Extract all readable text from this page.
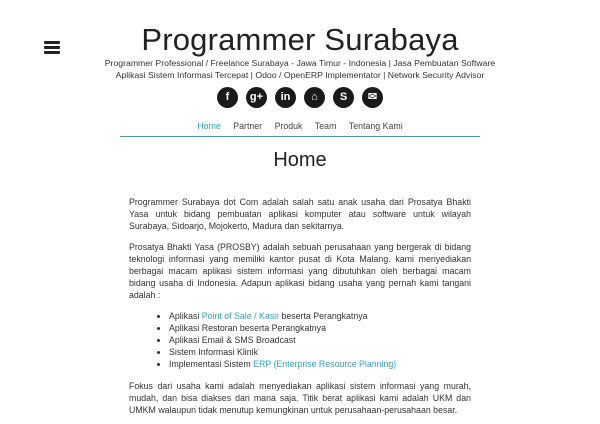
Programmer Surabaya
Programmer Professional / Freelance Surabaya - Jawa Timur - Indonesia | Jasa Pembuatan Software
Aplikasi Sistem Informasi Tercepat | Odoo / OpenERP Implementator | Network Security Advisor
f g+ in ⌂ S ✉
Home Partner Produk Team Tentang Kami
Home

Programmer Surabaya dot Com adalah salah satu anak usaha dari Prosatya Bhakti Yasa untuk bidang pembuatan aplikasi komputer atau software untuk wilayah Surabaya, Sidoarjo, Mojokerto, Madura dan sekitarnya.

Prosatya Bhakti Yasa (PROSBY) adalah sebuah perusahaan yang bergerak di bidang teknologi informasi yang memiliki kantor pusat di Kota Malang. kami menyediakan berbagai macam aplikasi sistem informasi yang dibutuhkan oleh berbagai macam bidang usaha di Indonesia. Adapun aplikasi bidang usaha yang pernah kami tangani adalah :

• Aplikasi Point of Sale / Kasir beserta Perangkatnya
• Aplikasi Restoran beserta Perangkatnya
• Aplikasi Email & SMS Broadcast
• Sistem Informasi Klinik
• Implementasi Sistem ERP (Enterprise Resource Planning)

Fokus dari usaha kami adalah menyediakan aplikasi sistem informasi yang murah, mudah, dan bisa diakses dari mana saja. Titik berat aplikasi kami adalah UKM dan UMKM walaupun tidak menutup kemungkinan untuk perusahaan-perusahaan besar.
